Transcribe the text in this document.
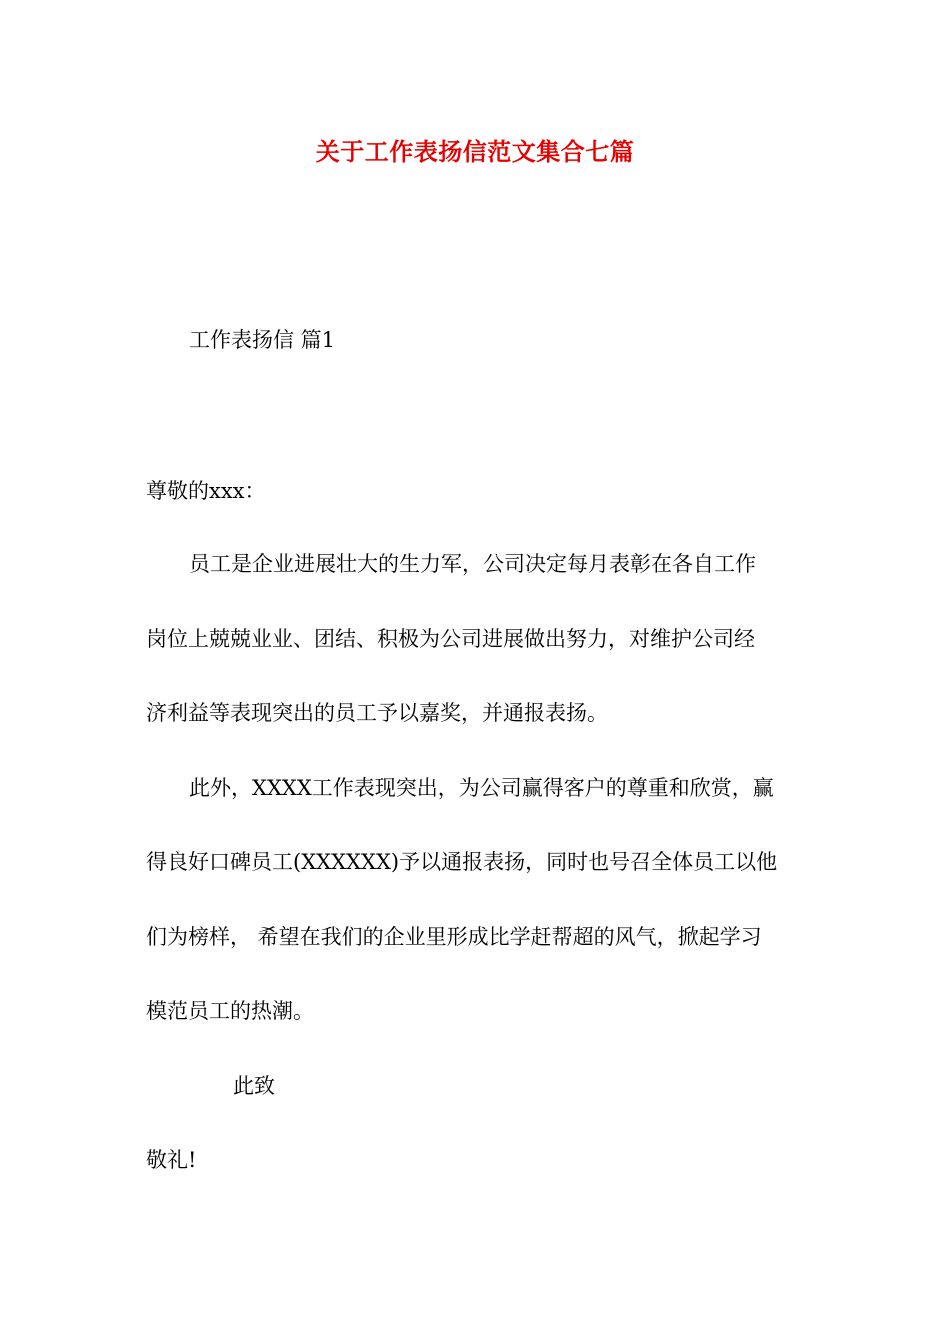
关于工作表扬信范文集合七篇
工作表扬信 篇1
尊敬的xxx：
员工是企业进展壮大的生力军，公司决定每月表彰在各自工作
岗位上兢兢业业、团结、积极为公司进展做出努力，对维护公司经
济利益等表现突出的员工予以嘉奖，并通报表扬。
此外，XXXX工作表现突出，为公司赢得客户的尊重和欣赏，赢
得良好口碑员工(XXXXXX)予以通报表扬，同时也号召全体员工以他
们为榜样， 希望在我们的企业里形成比学赶帮超的风气，掀起学习
模范员工的热潮。
此致
敬礼!
